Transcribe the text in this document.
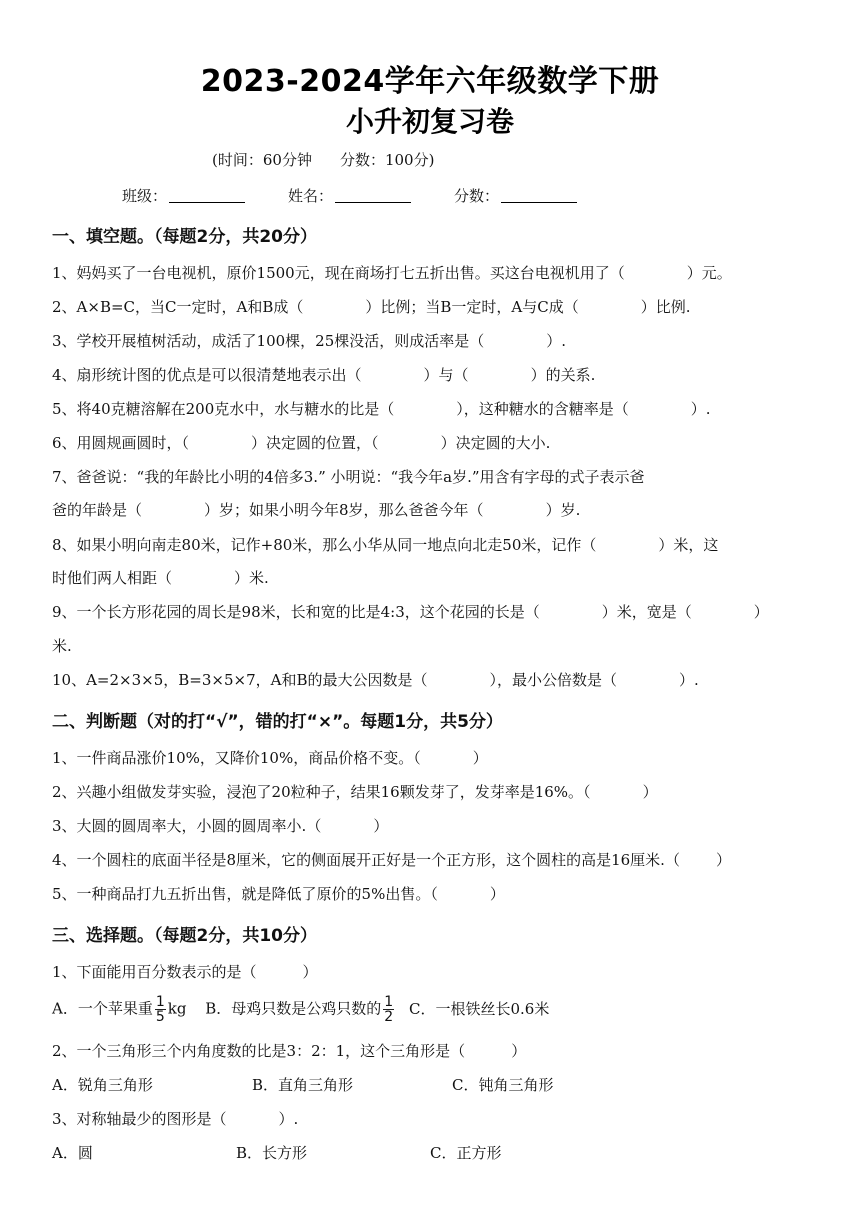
2023-2024学年六年级数学下册
小升初复习卷
(时间：60分钟 分数：100分)
班级：	姓名：	分数：
一、填空题。（每题2分，共20分）
1、妈妈买了一台电视机，原价1500元，现在商场打七五折出售。买这台电视机用了（	）元。
2、A×B=C，当C一定时，A和B成（	）比例；当B一定时，A与C成（	）比例.
3、学校开展植树活动，成活了100棵，25棵没活，则成活率是（	）.
4、扇形统计图的优点是可以很清楚地表示出（	）与（	）的关系.
5、将40克糖溶解在200克水中，水与糖水的比是（	），这种糖水的含糖率是（	）.
6、用圆规画圆时，（	）决定圆的位置，（	）决定圆的大小.
7、爸爸说：“我的年龄比小明的4倍多3.” 小明说：“我今年a岁.”用含有字母的式子表示爸
爸的年龄是（	）岁；如果小明今年8岁，那么爸爸今年（	）岁.
8、如果小明向南走80米，记作+80米，那么小华从同一地点向北走50米，记作（	）米，这
时他们两人相距（	）米.
9、一个长方形花园的周长是98米，长和宽的比是4:3，这个花园的长是（	）米，宽是（	）
米.
10、A=2×3×5，B=3×5×7，A和B的最大公因数是（	），最小公倍数是（	）.
二、判断题（对的打“√”，错的打“×”。每题1分，共5分）
1、一件商品涨价10%，又降价10%，商品价格不变。（	）
2、兴趣小组做发芽实验，浸泡了20粒种子，结果16颗发芽了，发芽率是16%。（	）
3、大圆的圆周率大，小圆的圆周率小.（	）
4、一个圆柱的底面半径是8厘米，它的侧面展开正好是一个正方形，这个圆柱的高是16厘米.（ ）
5、一种商品打九五折出售，就是降低了原价的5%出售。（	）
三、选择题。（每题2分，共10分）
1、下面能用百分数表示的是（	）
A．一个苹果重 $\frac{1}{5}$ kg B．母鸡只数是公鸡只数的 $\frac{1}{2}$ C．一根铁丝长0.6米
2、一个三角形三个内角度数的比是3：2：1，这个三角形是（	）
A．锐角三角形	B．直角三角形	C．钝角三角形
3、对称轴最少的图形是（	）.
A．圆	B．长方形	C．正方形
